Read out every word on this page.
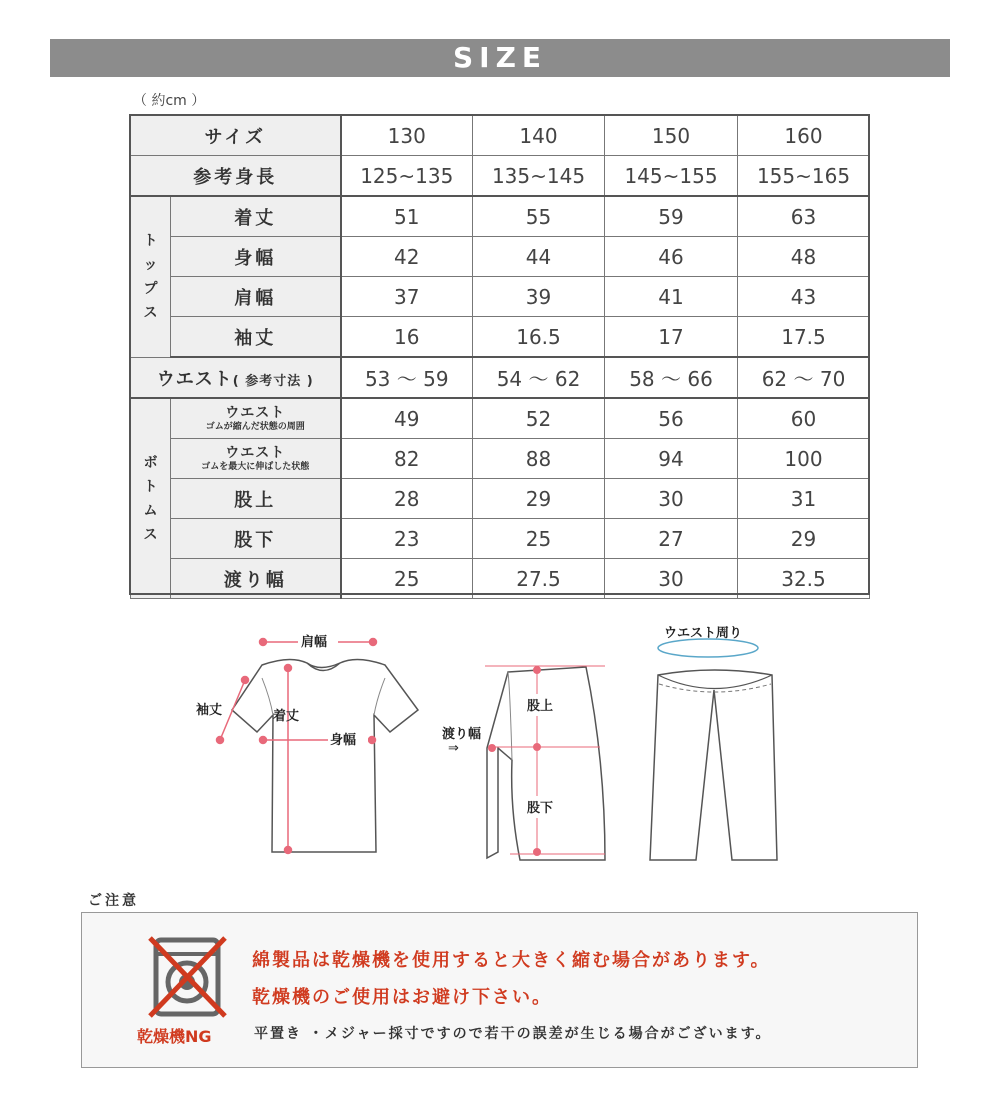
SIZE
（ 約cm ）
サイズ		130	140	150	160
参考身長		125~135	135~145	145~155	155~165
ト
ッ
プ
ス	着丈	51	55	59	63
	身幅	42	44	46	48
	肩幅	37	39	41	43
	袖丈	16	16.5	17	17.5
ウエスト( 参考寸法 )		53 ～ 59	54 ～ 62	58 ～ 66	62 ～ 70
ボ
ト
ム
ス	ウエスト
ゴムが縮んだ状態の周囲	49	52	56	60

	ウエスト
ゴムを最大に伸ばした状態	82	88	94	100
	股上	28	29	30	31
	股下	23	25	27	29
	渡り幅	25	27.5	30	32.5
肩幅
袖丈	着丈
身幅
股上
渡り幅
⇒
股下
ウエスト周り
ご注意
乾燥機NG
綿製品は乾燥機を使用すると大きく縮む場合があります。
乾燥機のご使用はお避け下さい。
平置き ・メジャー採寸ですので若干の誤差が生じる場合がございます。
